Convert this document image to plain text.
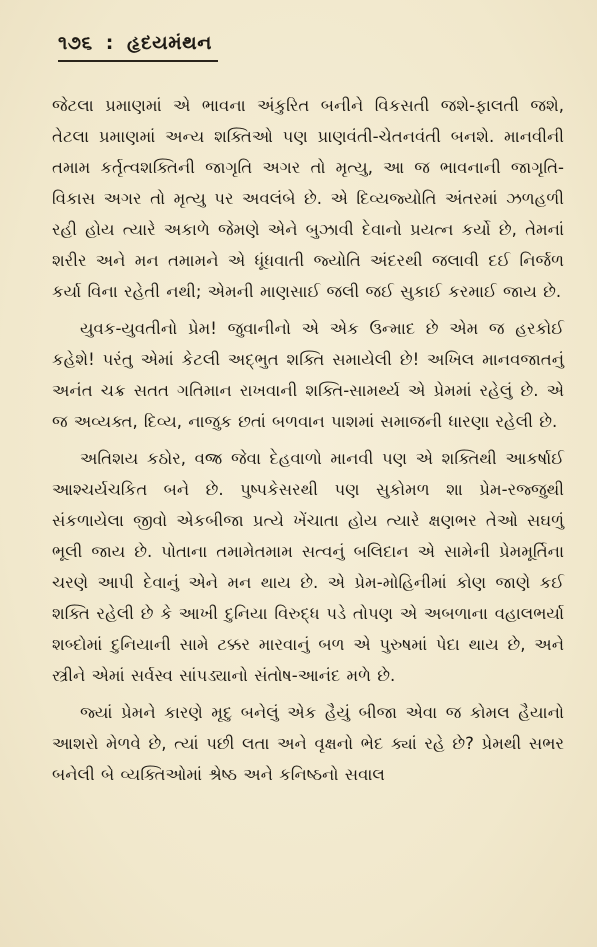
૧૭૬ : હૃદયમંથન

જેટલા પ્રમાણમાં એ ભાવના અંકુરિત બનીને વિકસતી જશે-ફાલતી જશે, તેટલા પ્રમાણમાં અન્ય શક્તિઓ પણ પ્રાણવંતી-ચેતનવંતી બનશે. માનવીની તમામ કર્તૃત્વશક્તિની જાગૃતિ અગર તો મૃત્યુ, આ જ ભાવનાની જાગૃતિ-વિકાસ અગર તો મૃત્યુ પર અવલંબે છે. એ દિવ્યજ્યોતિ અંતરમાં ઝળહળી રહી હોય ત્યારે અકાળે જેમણે એને બુઝાવી દેવાનો પ્રયત્ન કર્યો છે, તેમનાં શરીર અને મન તમામને એ ધૂંધવાતી જ્યોતિ અંદરથી જલાવી દઈ નિર્જળ કર્યા વિના રહેતી નથી; એમની માણસાઈ જલી જઈ સુકાઈ કરમાઈ જાય છે.

યુવક-યુવતીનો પ્રેમ! જુવાનીનો એ એક ઉન્માદ છે એમ જ હરકોઈ કહેશે! પરંતુ એમાં કેટલી અદ્ભુત શક્તિ સમાયેલી છે! અખિલ માનવજાતનું અનંત ચક્ર સતત ગતિમાન રાખવાની શક્તિ-સામર્થ્ય એ પ્રેમમાં રહેલું છે. એ જ અવ્યક્ત, દિવ્ય, નાજુક છતાં બળવાન પાશમાં સમાજની ધારણા રહેલી છે.

અતિશય કઠોર, વજ્ર જેવા દેહવાળો માનવી પણ એ શક્તિથી આકર્ષાઈ આશ્ચર્યચકિત બને છે. પુષ્પકેસરથી પણ સુકોમળ શા પ્રેમ-રજ્જુથી સંકળાયેલા જીવો એકબીજા પ્રત્યે ખેંચાતા હોય ત્યારે ક્ષણભર તેઓ સઘળું ભૂલી જાય છે. પોતાના તમામેતમામ સત્વનું બલિદાન એ સામેની પ્રેમમૂર્તિના ચરણે આપી દેવાનું એને મન થાય છે. એ પ્રેમ-મોહિનીમાં કોણ જાણે કઈ શક્તિ રહેલી છે કે આખી દુનિયા વિરુદ્ધ પડે તોપણ એ અબળાના વહાલભર્યા શબ્દોમાં દુનિયાની સામે ટક્કર મારવાનું બળ એ પુરુષમાં પેદા થાય છે, અને સ્ત્રીને એમાં સર્વસ્વ સાંપડ્યાનો સંતોષ-આનંદ મળે છે.

જ્યાં પ્રેમને કારણે મૃદુ બનેલું એક હૈયું બીજા એવા જ કોમલ હૈયાનો આશરો મેળવે છે, ત્યાં પછી લતા અને વૃક્ષનો ભેદ ક્યાં રહે છે? પ્રેમથી સભર બનેલી બે વ્યક્તિઓમાં શ્રેષ્ઠ અને કનિષ્ઠનો સવાલ
